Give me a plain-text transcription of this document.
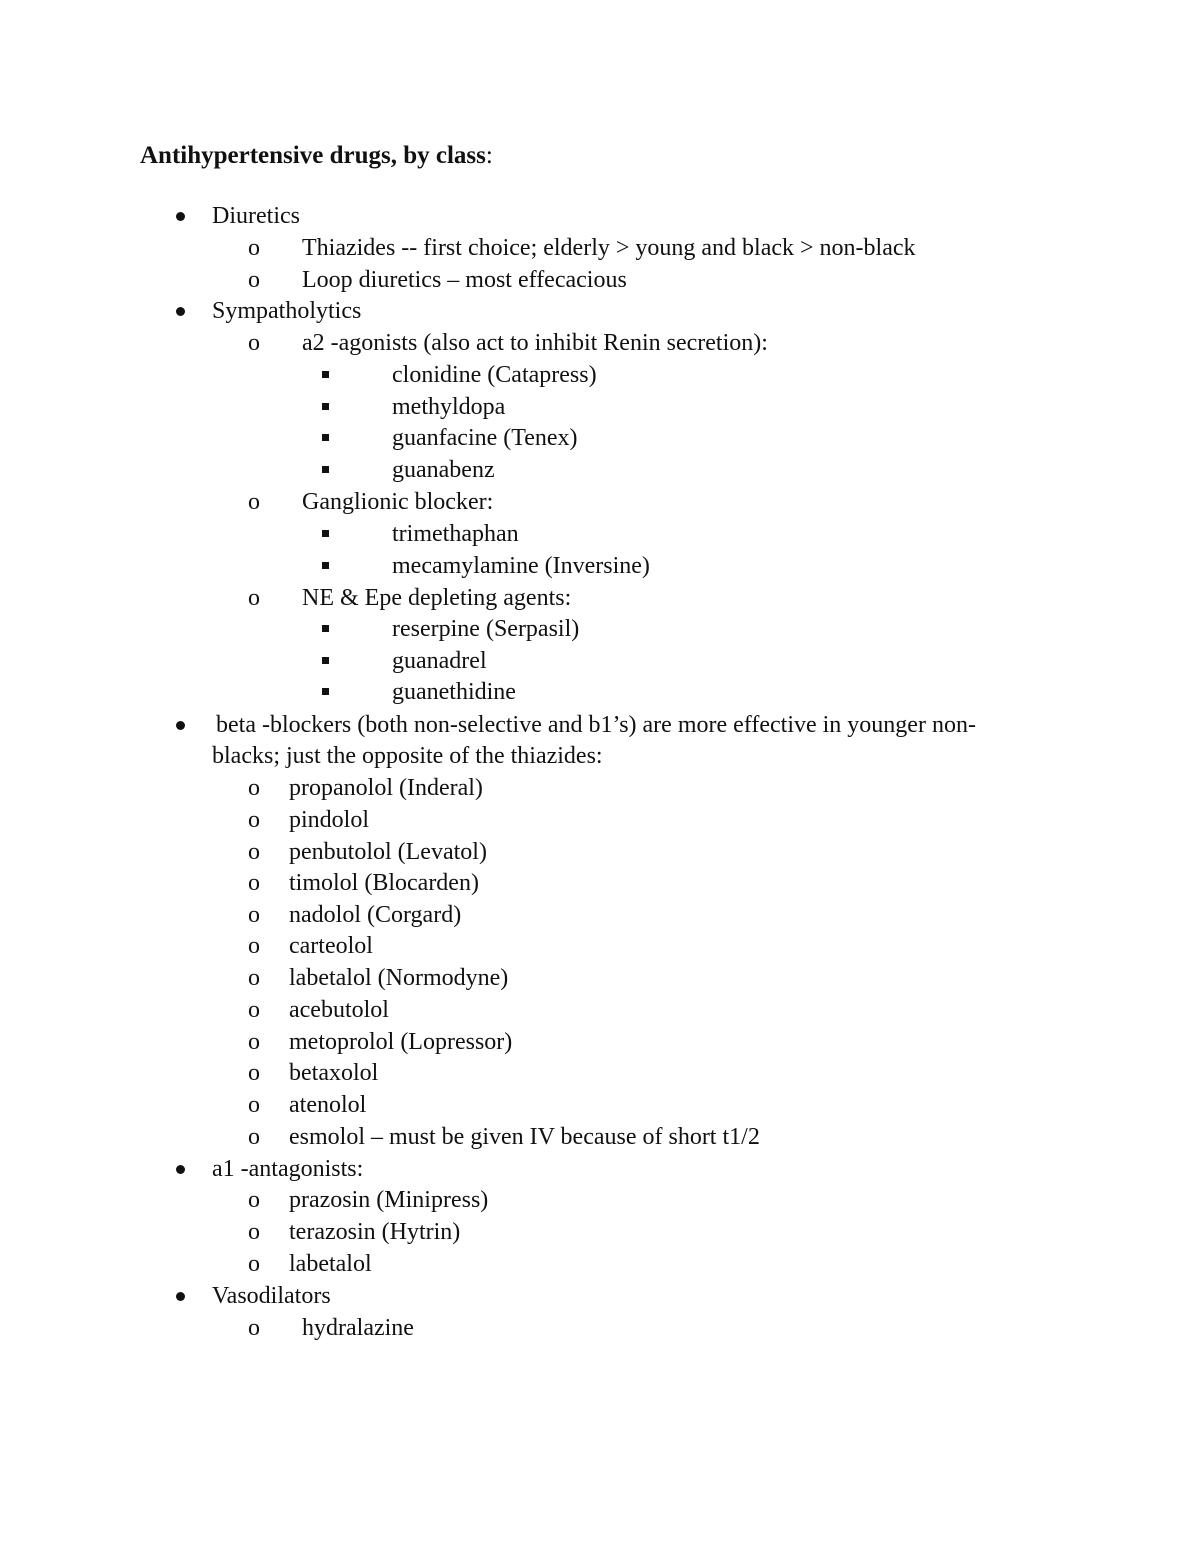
Antihypertensive drugs, by class:
Diuretics
o Thiazides -- first choice; elderly > young and black > non-black
o Loop diuretics – most effecacious
Sympatholytics
o a2 -agonists (also act to inhibit Renin secretion):
clonidine (Catapress)
methyldopa
guanfacine (Tenex)
guanabenz
o Ganglionic blocker:
trimethaphan
mecamylamine (Inversine)
o NE & Epe depleting agents:
reserpine (Serpasil)
guanadrel
guanethidine
beta -blockers (both non-selective and b1’s) are more effective in younger non-
blacks; just the opposite of the thiazides:
o propanolol (Inderal)
o pindolol
o penbutolol (Levatol)
o timolol (Blocarden)
o nadolol (Corgard)
o carteolol
o labetalol (Normodyne)
o acebutolol
o metoprolol (Lopressor)
o betaxolol
o atenolol
o esmolol – must be given IV because of short t1/2
a1 -antagonists:
o prazosin (Minipress)
o terazosin (Hytrin)
o labetalol
Vasodilators
o hydralazine
